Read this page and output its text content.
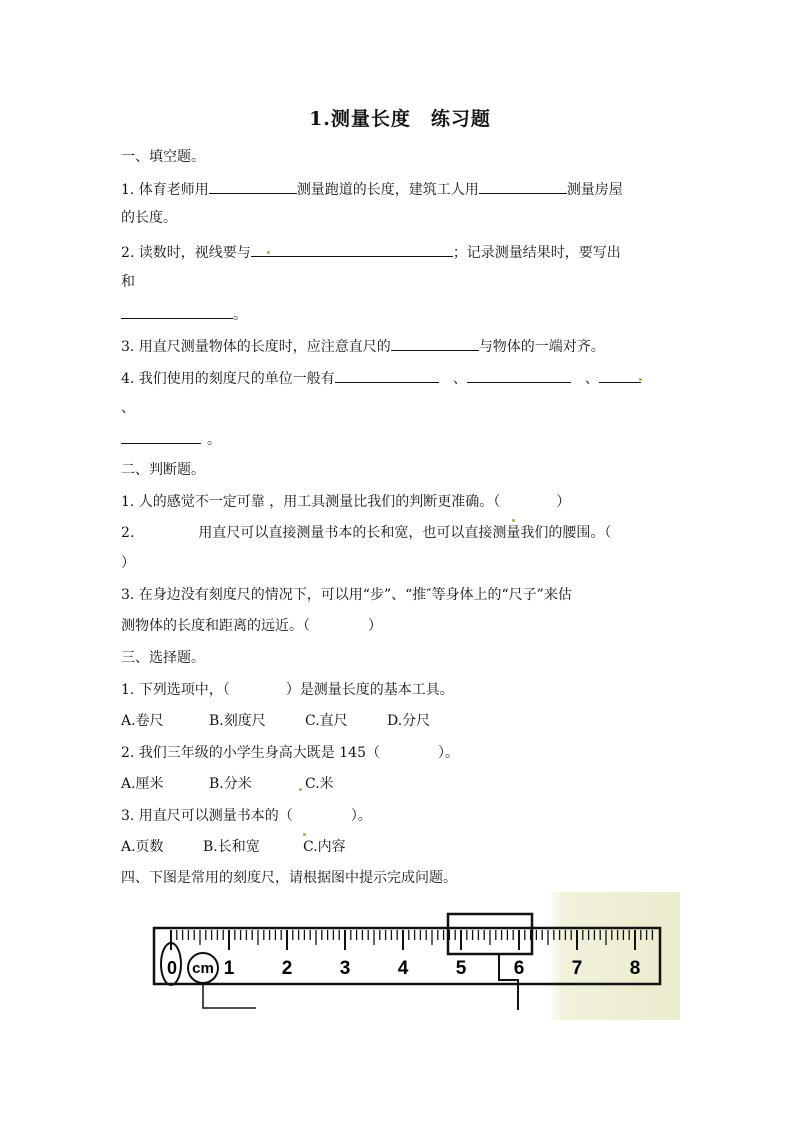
1.测量长度　练习题
一、填空题。
1. 体育老师用	测量跑道的长度，建筑工人用	测量房屋
的长度。
2. 读数时，视线要与	；记录测量结果时，要写出
和
。
3. 用直尺测量物体的长度时，应注意直尺的	与物体的一端对齐。
4. 我们使用的刻度尺的单位一般有	、	、
、
。
二、判断题。
1. 人的感觉不一定可靠 ，用工具测量比我们的判断更准确。（	）
2.	用直尺可以直接测量书本的长和宽，也可以直接测量我们的腰围。（
）
3. 在身边没有刻度尺的情况下，可以用“步”、“推″等身体上的“尺子”来估
测物体的长度和距离的远近。（	）
三、选择题。
1. 下列选项中，（	）是测量长度的基本工具。
A.卷尺	B.刻度尺	C.直尺	D.分尺
2. 我们三年级的小学生身高大既是 145（	）。
A.厘米	B.分米	C.米
3. 用直尺可以测量书本的（	）。
A.页数	B.长和宽	C.内容
四、下图是常用的刻度尺，请根据图中提示完成问题。
0 1 2 3 4 5 6 7 8
cm
